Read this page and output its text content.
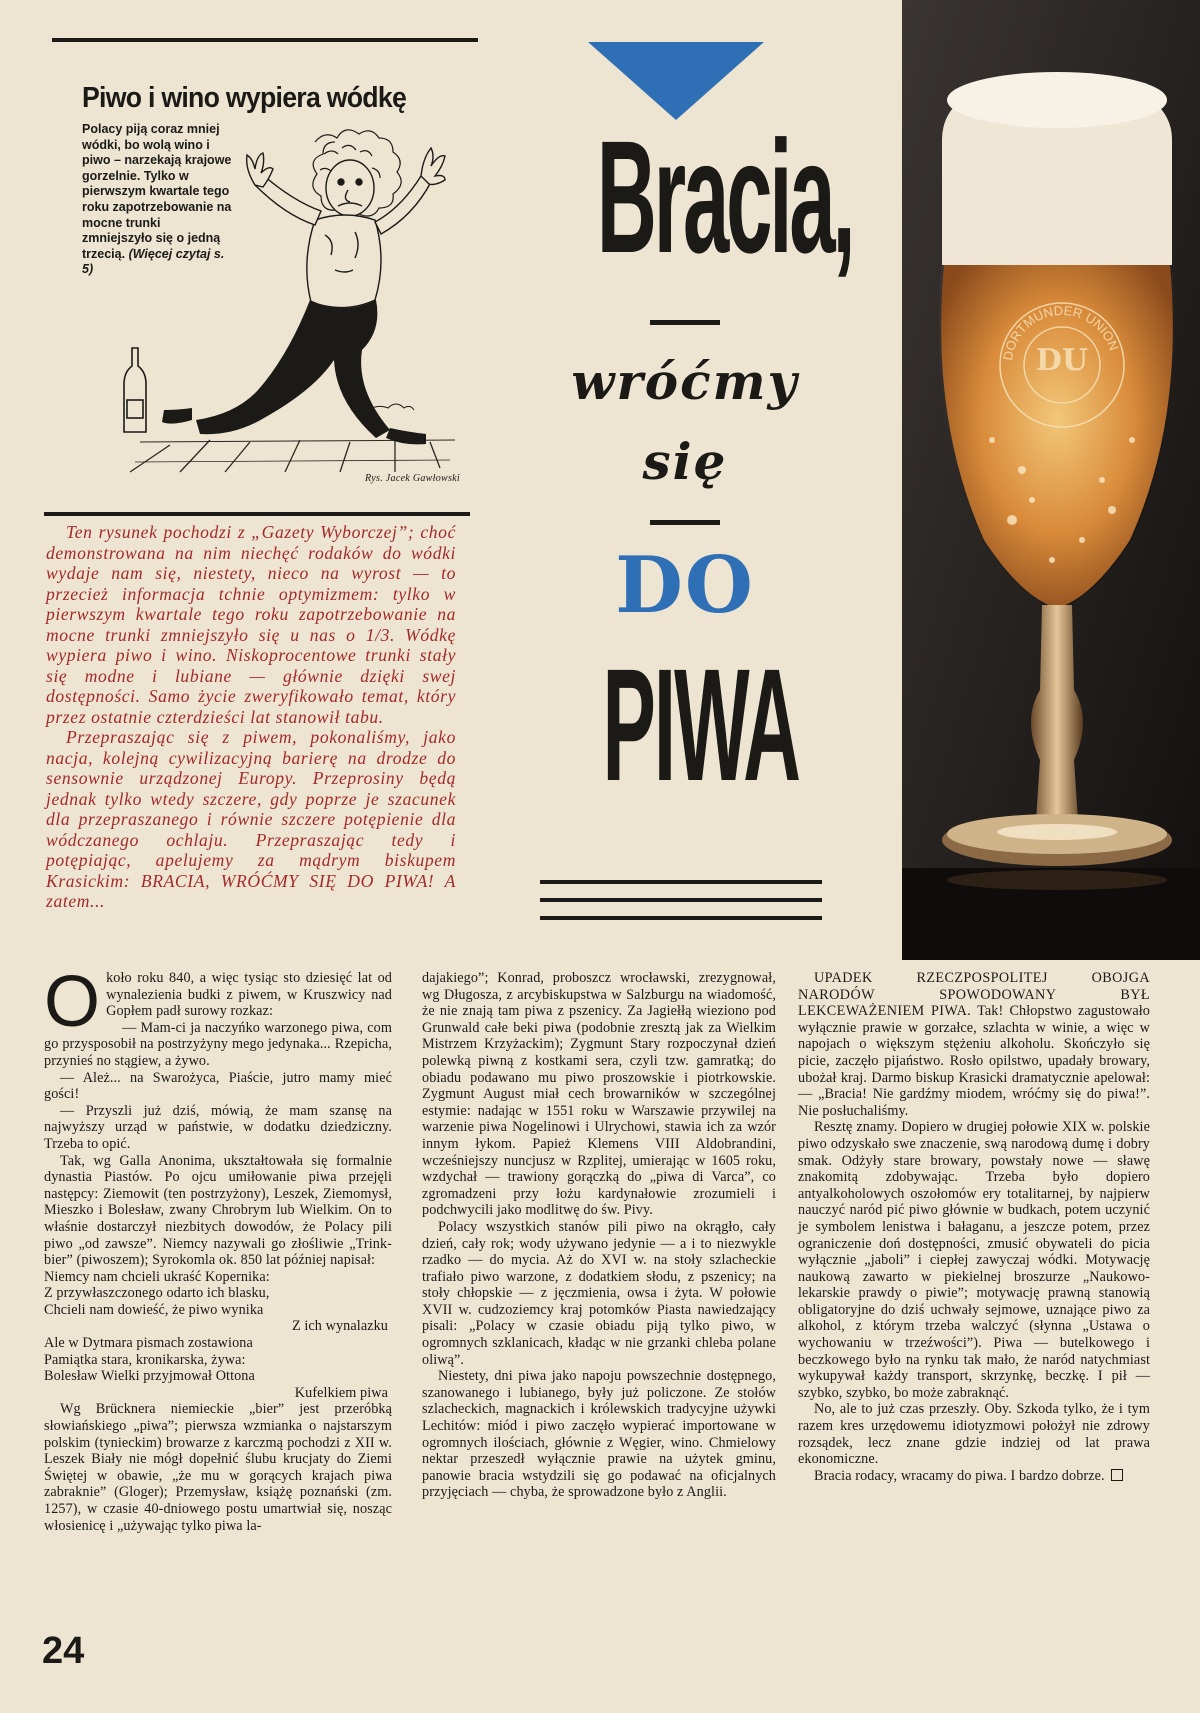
Piwo i wino wypiera wódkę
Polacy piją coraz mniej wódki, bo wolą wino i piwo – narzekają krajowe gorzelnie. Tylko w pierwszym kwartale tego roku zapotrzebowanie na mocne trunki zmniejszyło się o jedną trzecią. (Więcej czytaj s. 5)
Rys. Jacek Gawłowski

Ten rysunek pochodzi z „Gazety Wyborczej”; choć demonstrowana na nim niechęć rodaków do wódki wydaje nam się, niestety, nieco na wyrost — to przecież informacja tchnie optymizmem: tylko w pierwszym kwartale tego roku zapotrzebowanie na mocne trunki zmniejszyło się u nas o 1/3. Wódkę wypiera piwo i wino. Niskoprocentowe trunki stały się modne i lubiane — głównie dzięki swej dostępności. Samo życie zweryfikowało temat, który przez ostatnie czterdzieści lat stanowił tabu.

Przepraszając się z piwem, pokonaliśmy, jako nacja, kolejną cywilizacyjną barierę na drodze do sensownie urządzonej Europy. Przeprosiny będą jednak tylko wtedy szczere, gdy poprze je szacunek dla przepraszanego i równie szczere potępienie dla wódczanego ochlaju. Przepraszając tedy i potępiając, apelujemy za mądrym biskupem Krasickim: BRACIA, WRÓĆMY SIĘ DO PIWA! A zatem...

Bracia,
wróćmy
się
DO
PIWA
DU
DORTMUNDER UNION

Około roku 840, a więc tysiąc sto dziesięć lat od wynalezienia budki z piwem, w Kruszwicy nad Gopłem padł surowy rozkaz:

— Mam-ci ja naczyńko warzonego piwa, com go przysposobił na postrzyżyny mego jedynaka... Rzepicha, przynieś no stągiew, a żywo.

— Ależ... na Swarożyca, Piaście, jutro mamy mieć gości!

— Przyszli już dziś, mówią, że mam szansę na najwyższy urząd w państwie, w dodatku dziedziczny. Trzeba to opić.

Tak, wg Galla Anonima, ukształtowała się formalnie dynastia Piastów. Po ojcu umiłowanie piwa przejęli następcy: Ziemowit (ten postrzyżony), Leszek, Ziemomysł, Mieszko i Bolesław, zwany Chrobrym lub Wielkim. On to właśnie dostarczył niezbitych dowodów, że Polacy pili piwo „od zawsze”. Niemcy nazywali go złośliwie „Trink-bier” (piwoszem); Syrokomla ok. 850 lat później napisał:

Niemcy nam chcieli ukraść Kopernika:
Z przywłaszczonego odarto ich blasku,
Chcieli nam dowieść, że piwo wynika
Z ich wynalazku
Ale w Dytmara pismach zostawiona
Pamiątka stara, kronikarska, żywa:
Bolesław Wielki przyjmował Ottona
Kufelkiem piwa

Wg Brücknera niemieckie „bier” jest przeróbką słowiańskiego „piwa”; pierwsza wzmianka o najstarszym polskim (tynieckim) browarze z karczmą pochodzi z XII w. Leszek Biały nie mógł dopełnić ślubu krucjaty do Ziemi Świętej w obawie, „że mu w gorących krajach piwa zabraknie” (Gloger); Przemysław, książę poznański (zm. 1257), w czasie 40-dniowego postu umartwiał się, nosząc włosienicę i „używając tylko piwa la-

dajakiego”; Konrad, proboszcz wrocławski, zrezygnował, wg Długosza, z arcybiskupstwa w Salzburgu na wiadomość, że nie znają tam piwa z pszenicy. Za Jagiełłą wieziono pod Grunwald całe beki piwa (podobnie zresztą jak za Wielkim Mistrzem Krzyżackim); Zygmunt Stary rozpoczynał dzień polewką piwną z kostkami sera, czyli tzw. gamratką; do obiadu podawano mu piwo proszowskie i piotrkowskie. Zygmunt August miał cech browarników w szczególnej estymie: nadając w 1551 roku w Warszawie przywilej na warzenie piwa Nogelinowi i Ulrychowi, stawia ich za wzór innym łykom. Papież Klemens VIII Aldobrandini, wcześniejszy nuncjusz w Rzplitej, umierając w 1605 roku, wzdychał — trawiony gorączką do „piwa di Varca”, co zgromadzeni przy łożu kardynałowie zrozumieli i podchwycili jako modlitwę do św. Pivy.

Polacy wszystkich stanów pili piwo na okrągło, cały dzień, cały rok; wody używano jedynie — a i to niezwykle rzadko — do mycia. Aż do XVI w. na stoły szlacheckie trafiało piwo warzone, z dodatkiem słodu, z pszenicy; na stoły chłopskie — z jęczmienia, owsa i żyta. W połowie XVII w. cudzoziemcy kraj potomków Piasta nawiedzający pisali: „Polacy w czasie obiadu piją tylko piwo, w ogromnych szklanicach, kładąc w nie grzanki chleba polane oliwą”.

Niestety, dni piwa jako napoju powszechnie dostępnego, szanowanego i lubianego, były już policzone. Ze stołów szlacheckich, magnackich i królewskich tradycyjne używki Lechitów: miód i piwo zaczęło wypierać importowane w ogromnych ilościach, głównie z Węgier, wino. Chmielowy nektar przeszedł wyłącznie prawie na użytek gminu, panowie bracia wstydzili się go podawać na oficjalnych przyjęciach — chyba, że sprowadzone było z Anglii.

UPADEK RZECZPOSPOLITEJ OBOJGA NARODÓW SPOWODOWANY BYŁ LEKCEWAŻENIEM PIWA. Tak! Chłopstwo zagustowało wyłącznie prawie w gorzałce, szlachta w winie, a więc w napojach o większym stężeniu alkoholu. Skończyło się picie, zaczęło pijaństwo. Rosło opilstwo, upadały browary, ubożał kraj. Darmo biskup Krasicki dramatycznie apelował: — „Bracia! Nie gardźmy miodem, wróćmy się do piwa!”. Nie posłuchaliśmy.

Resztę znamy. Dopiero w drugiej połowie XIX w. polskie piwo odzyskało swe znaczenie, swą narodową dumę i dobry smak. Odżyły stare browary, powstały nowe — sławę znakomitą zdobywając. Trzeba było dopiero antyalkoholowych oszołomów ery totalitarnej, by najpierw nauczyć naród pić piwo głównie w budkach, potem uczynić je symbolem lenistwa i bałaganu, a jeszcze potem, przez ograniczenie doń dostępności, zmusić obywateli do picia wyłącznie „jaboli” i ciepłej zawyczaj wódki. Motywację naukową zawarto w piekielnej broszurze „Naukowo-lekarskie prawdy o piwie”; motywację prawną stanowią obligatoryjne do dziś uchwały sejmowe, uznające piwo za alkohol, z którym trzeba walczyć (słynna „Ustawa o wychowaniu w trzeźwości”). Piwa — butelkowego i beczkowego było na rynku tak mało, że naród natychmiast wykupywał każdy transport, skrzynkę, beczkę. I pił — szybko, szybko, bo może zabraknąć.

No, ale to już czas przeszły. Oby. Szkoda tylko, że i tym razem kres urzędowemu idiotyzmowi położył nie zdrowy rozsądek, lecz znane gdzie indziej od lat prawa ekonomiczne.

Bracia rodacy, wracamy do piwa. I bardzo dobrze.

24
